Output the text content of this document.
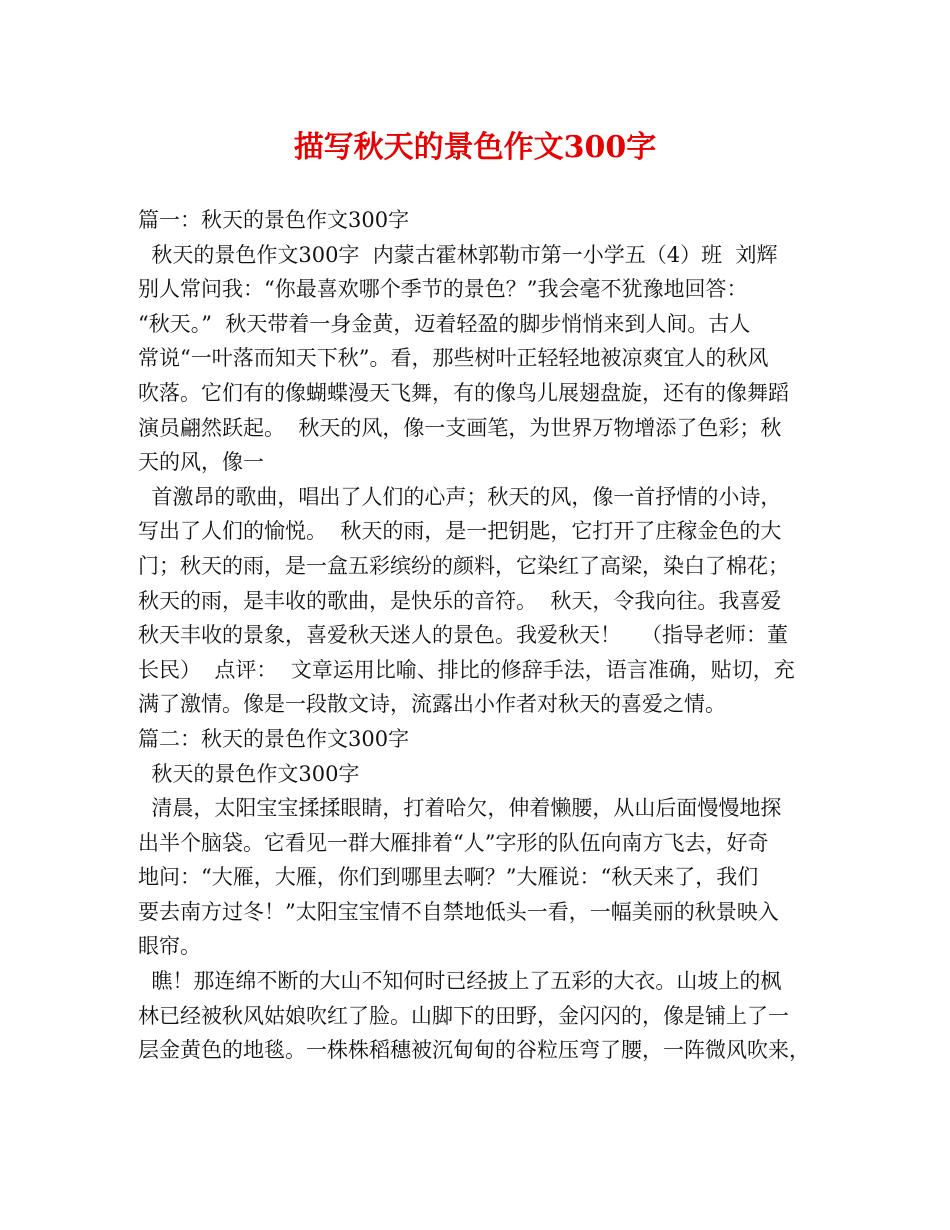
描写秋天的景色作文300字
篇一：秋天的景色作文300字
秋天的景色作文300字  内蒙古霍林郭勒市第一小学五（4）班  刘辉
别人常问我：“你最喜欢哪个季节的景色？”我会毫不犹豫地回答：
“秋天。”  秋天带着一身金黄，迈着轻盈的脚步悄悄来到人间。古人
常说“一叶落而知天下秋”。看，那些树叶正轻轻地被凉爽宜人的秋风
吹落。它们有的像蝴蝶漫天飞舞，有的像鸟儿展翅盘旋，还有的像舞蹈
演员翩然跃起。  秋天的风，像一支画笔，为世界万物增添了色彩；秋
天的风，像一
首激昂的歌曲，唱出了人们的心声；秋天的风，像一首抒情的小诗，
写出了人们的愉悦。  秋天的雨，是一把钥匙，它打开了庄稼金色的大
门；秋天的雨，是一盒五彩缤纷的颜料，它染红了高梁，染白了棉花；
秋天的雨，是丰收的歌曲，是快乐的音符。  秋天，令我向往。我喜爱
秋天丰收的景象，喜爱秋天迷人的景色。我爱秋天！   （指导老师：董
长民）  点评：  文章运用比喻、排比的修辞手法，语言准确，贴切，充
满了激情。像是一段散文诗，流露出小作者对秋天的喜爱之情。
篇二：秋天的景色作文300字
秋天的景色作文300字
清晨，太阳宝宝揉揉眼睛，打着哈欠，伸着懒腰，从山后面慢慢地探
出半个脑袋。它看见一群大雁排着“人”字形的队伍向南方飞去，好奇
地问：“大雁，大雁，你们到哪里去啊？”大雁说：“秋天来了，我们
要去南方过冬！”太阳宝宝情不自禁地低头一看，一幅美丽的秋景映入
眼帘。
瞧！那连绵不断的大山不知何时已经披上了五彩的大衣。山坡上的枫
林已经被秋风姑娘吹红了脸。山脚下的田野，金闪闪的，像是铺上了一
层金黄色的地毯。一株株稻穗被沉甸甸的谷粒压弯了腰，一阵微风吹来，
